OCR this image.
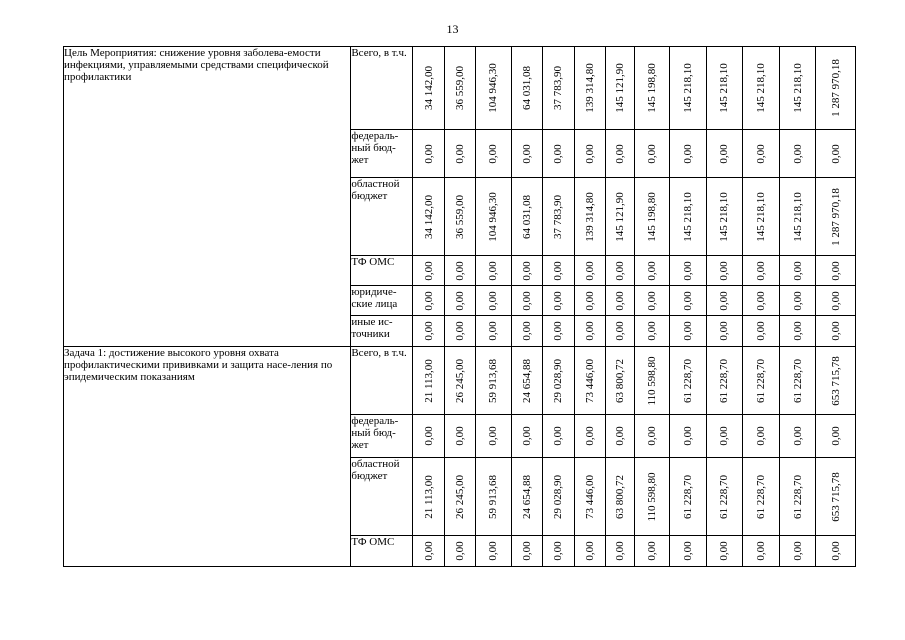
13
Цель Мероприятия: снижение уровня заболева-емости инфекциями, управляемыми средствами специфической профилактики	Всего, в т.ч.	34 142,00	36 559,00	104 946,30	64 031,08	37 783,90	139 314,80	145 121,90	145 198,80	145 218,10	145 218,10	145 218,10	145 218,10	1 287 970,18

	федераль-ный бюд-жет	0,00	0,00	0,00	0,00	0,00	0,00	0,00	0,00	0,00	0,00	0,00	0,00	0,00

	областной бюджет	34 142,00	36 559,00	104 946,30	64 031,08	37 783,90	139 314,80	145 121,90	145 198,80	145 218,10	145 218,10	145 218,10	145 218,10	1 287 970,18

	ТФ ОМС	0,00	0,00	0,00	0,00	0,00	0,00	0,00	0,00	0,00	0,00	0,00	0,00	0,00

	юридиче-ские лица	0,00	0,00	0,00	0,00	0,00	0,00	0,00	0,00	0,00	0,00	0,00	0,00	0,00

	иные ис-точники	0,00	0,00	0,00	0,00	0,00	0,00	0,00	0,00	0,00	0,00	0,00	0,00	0,00

Задача 1: достижение высокого уровня охвата профилактическими прививками и защита насе-ления по эпидемическим показаниям	Всего, в т.ч.	21 113,00	26 245,00	59 913,68	24 654,88	29 028,90	73 446,00	63 800,72	110 598,80	61 228,70	61 228,70	61 228,70	61 228,70	653 715,78

	федераль-ный бюд-жет	0,00	0,00	0,00	0,00	0,00	0,00	0,00	0,00	0,00	0,00	0,00	0,00	0,00

	областной бюджет	21 113,00	26 245,00	59 913,68	24 654,88	29 028,90	73 446,00	63 800,72	110 598,80	61 228,70	61 228,70	61 228,70	61 228,70	653 715,78

	ТФ ОМС	0,00	0,00	0,00	0,00	0,00	0,00	0,00	0,00	0,00	0,00	0,00	0,00	0,00
